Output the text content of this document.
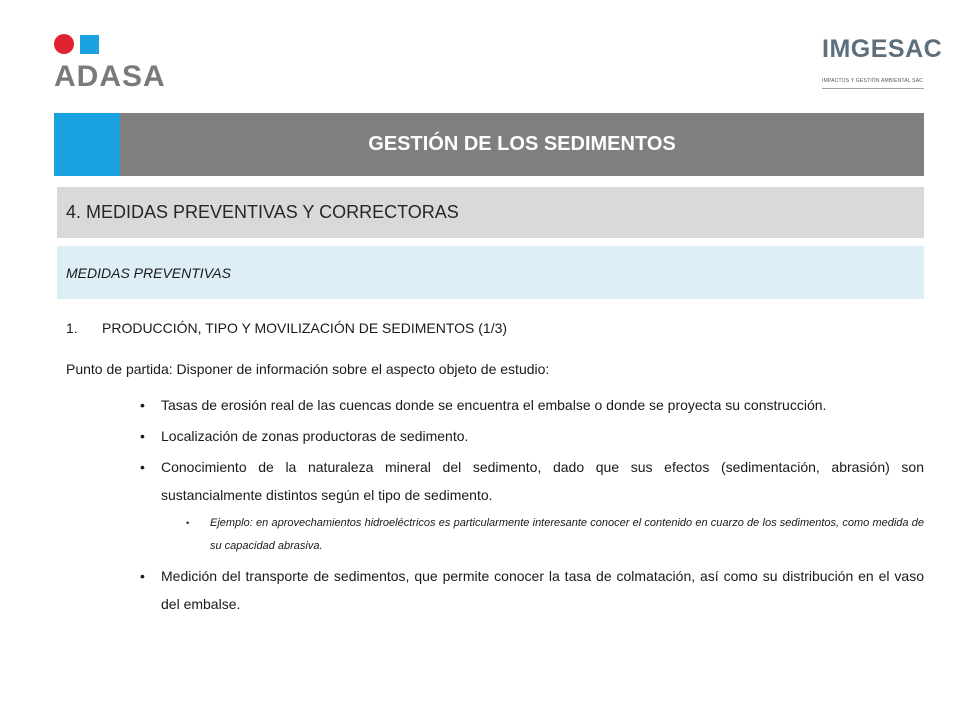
ADASA
IMGESAC
IMPACTOS Y GESTIÓN AMBIENTAL SAC
GESTIÓN DE LOS SEDIMENTOS
4. MEDIDAS PREVENTIVAS Y CORRECTORAS
MEDIDAS PREVENTIVAS
1. PRODUCCIÓN, TIPO Y MOVILIZACIÓN DE SEDIMENTOS (1/3)
Punto de partida: Disponer de información sobre el aspecto objeto de estudio:
• Tasas de erosión real de las cuencas donde se encuentra el embalse o donde se proyecta su construcción.
• Localización de zonas productoras de sedimento.
• Conocimiento de la naturaleza mineral del sedimento, dado que sus efectos (sedimentación, abrasión) son sustancialmente distintos según el tipo de sedimento.
• Ejemplo: en aprovechamientos hidroeléctricos es particularmente interesante conocer el contenido en cuarzo de los sedimentos, como medida de su capacidad abrasiva.
• Medición del transporte de sedimentos, que permite conocer la tasa de colmatación, así como su distribución en el vaso del embalse.
